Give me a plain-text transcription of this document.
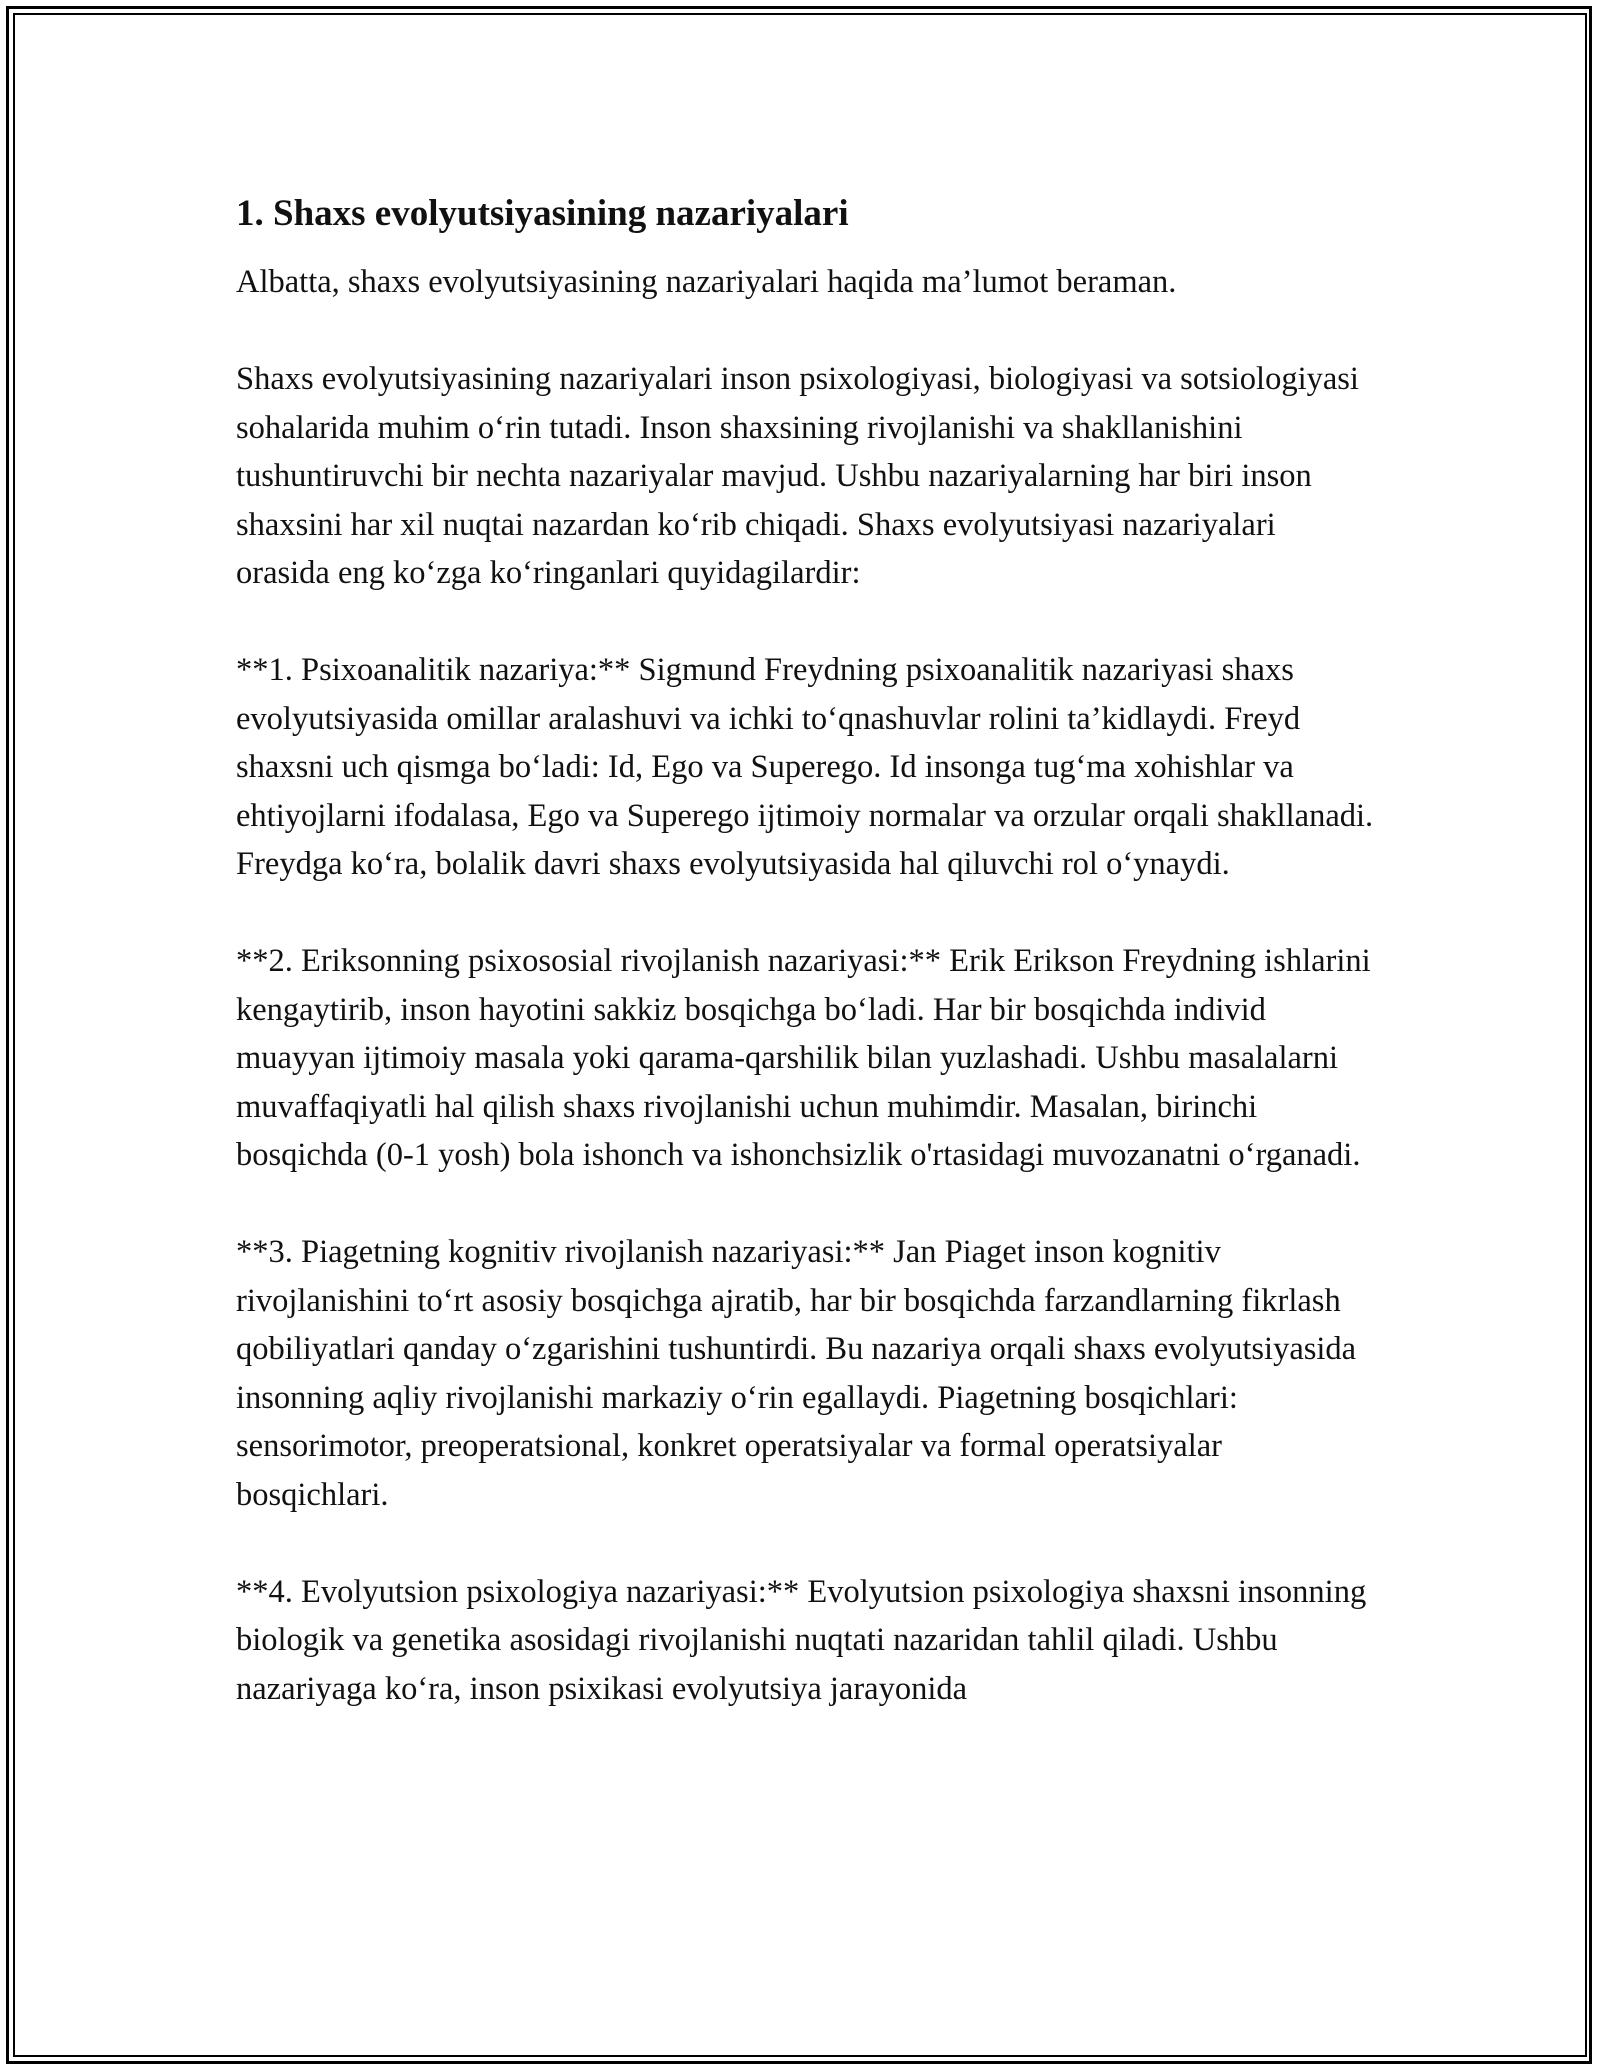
1. Shaxs evolyutsiyasining nazariyalari

Albatta, shaxs evolyutsiyasining nazariyalari haqida ma’lumot beraman.

Shaxs evolyutsiyasining nazariyalari inson psixologiyasi, biologiyasi va sotsiologiyasi sohalarida muhim o‘rin tutadi. Inson shaxsining rivojlanishi va shakllanishini tushuntiruvchi bir nechta nazariyalar mavjud. Ushbu nazariyalarning har biri inson shaxsini har xil nuqtai nazardan ko‘rib chiqadi. Shaxs evolyutsiyasi nazariyalari orasida eng ko‘zga ko‘ringanlari quyidagilardir:

**1. Psixoanalitik nazariya:** Sigmund Freydning psixoanalitik nazariyasi shaxs evolyutsiyasida omillar aralashuvi va ichki to‘qnashuvlar rolini ta’kidlaydi. Freyd shaxsni uch qismga bo‘ladi: Id, Ego va Superego. Id insonga tug‘ma xohishlar va ehtiyojlarni ifodalasa, Ego va Superego ijtimoiy normalar va orzular orqali shakllanadi. Freydga ko‘ra, bolalik davri shaxs evolyutsiyasida hal qiluvchi rol o‘ynaydi.

**2. Eriksonning psixososial rivojlanish nazariyasi:** Erik Erikson Freydning ishlarini kengaytirib, inson hayotini sakkiz bosqichga bo‘ladi. Har bir bosqichda individ muayyan ijtimoiy masala yoki qarama-qarshilik bilan yuzlashadi. Ushbu masalalarni muvaffaqiyatli hal qilish shaxs rivojlanishi uchun muhimdir. Masalan, birinchi bosqichda (0-1 yosh) bola ishonch va ishonchsizlik o'rtasidagi muvozanatni o‘rganadi.

**3. Piagetning kognitiv rivojlanish nazariyasi:** Jan Piaget inson kognitiv rivojlanishini to‘rt asosiy bosqichga ajratib, har bir bosqichda farzandlarning fikrlash qobiliyatlari qanday o‘zgarishini tushuntirdi. Bu nazariya orqali shaxs evolyutsiyasida insonning aqliy rivojlanishi markaziy o‘rin egallaydi. Piagetning bosqichlari: sensorimotor, preoperatsional, konkret operatsiyalar va formal operatsiyalar bosqichlari.

**4. Evolyutsion psixologiya nazariyasi:** Evolyutsion psixologiya shaxsni insonning biologik va genetika asosidagi rivojlanishi nuqtati nazaridan tahlil qiladi. Ushbu nazariyaga ko‘ra, inson psixikasi evolyutsiya jarayonida
